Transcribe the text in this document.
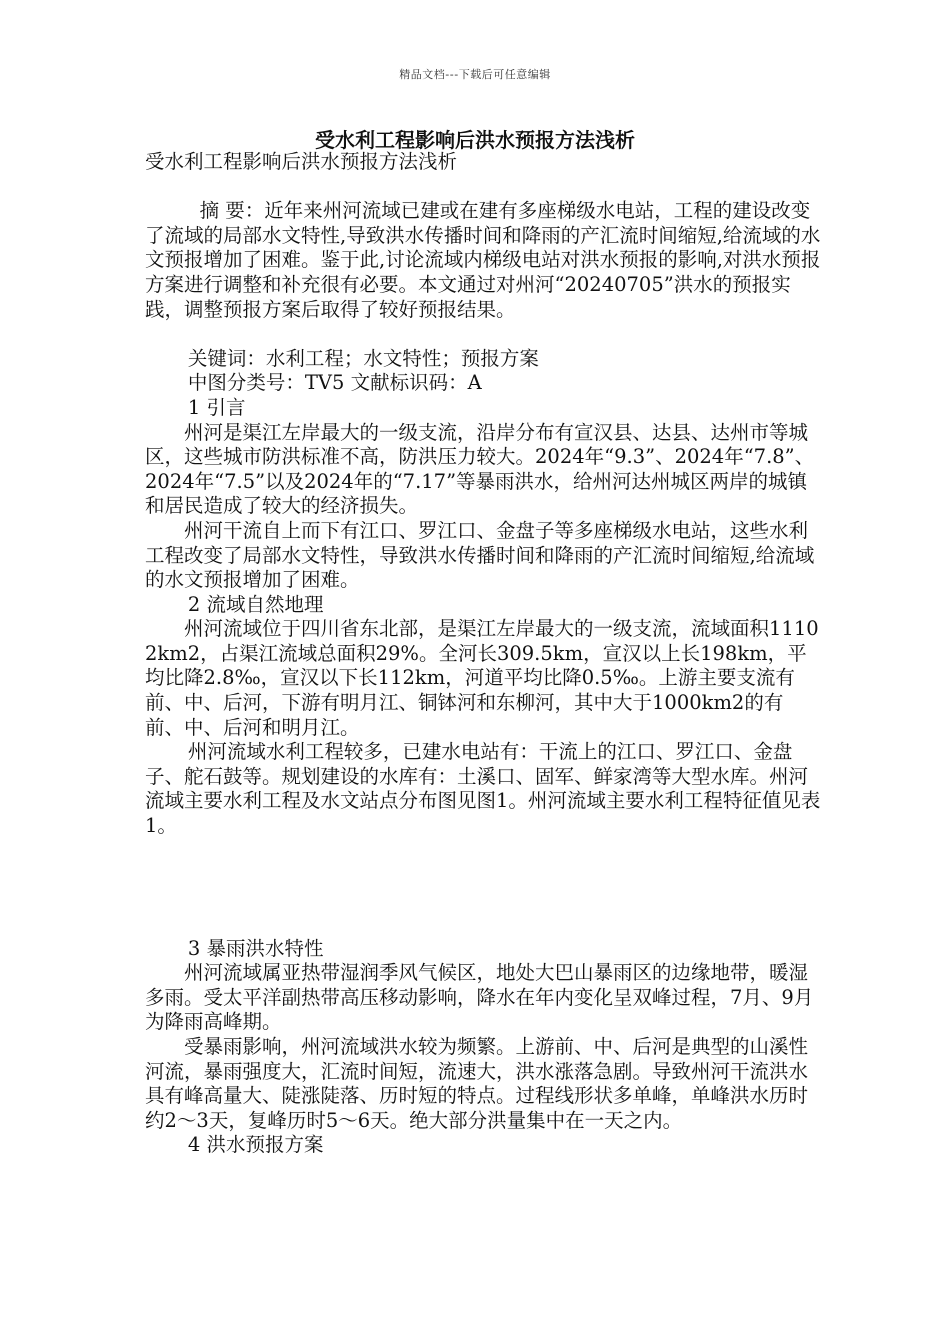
精品文档---下载后可任意编辑
受水利工程影响后洪水预报方法浅析

受水利工程影响后洪水预报方法浅析

摘 要：近年来州河流域已建或在建有多座梯级水电站，工程的建设改变了流域的局部水文特性,导致洪水传播时间和降雨的产汇流时间缩短,给流域的水文预报增加了困难。鉴于此,讨论流域内梯级电站对洪水预报的影响,对洪水预报方案进行调整和补充很有必要。本文通过对州河“20240705”洪水的预报实践，调整预报方案后取得了较好预报结果。

关键词：水利工程；水文特性；预报方案

中图分类号：TV5 文献标识码：A

1 引言

州河是渠江左岸最大的一级支流，沿岸分布有宣汉县、达县、达州市等城区，这些城市防洪标准不高，防洪压力较大。2024年“9.3”、2024年“7.8”、2024年“7.5”以及2024年的“7.17”等暴雨洪水，给州河达州城区两岸的城镇和居民造成了较大的经济损失。

州河干流自上而下有江口、罗江口、金盘子等多座梯级水电站，这些水利工程改变了局部水文特性，导致洪水传播时间和降雨的产汇流时间缩短,给流域的水文预报增加了困难。

2 流域自然地理

州河流域位于四川省东北部，是渠江左岸最大的一级支流，流域面积11102km2，占渠江流域总面积29%。全河长309.5km，宣汉以上长198km，平均比降2.8‰，宣汉以下长112km，河道平均比降0.5‰。上游主要支流有前、中、后河，下游有明月江、铜钵河和东柳河，其中大于1000km2的有前、中、后河和明月江。

州河流域水利工程较多，已建水电站有：干流上的江口、罗江口、金盘子、舵石鼓等。规划建设的水库有：土溪口、固军、鲜家湾等大型水库。州河流域主要水利工程及水文站点分布图见图1。州河流域主要水利工程特征值见表1。

3 暴雨洪水特性

州河流域属亚热带湿润季风气候区，地处大巴山暴雨区的边缘地带，暖湿多雨。受太平洋副热带高压移动影响，降水在年内变化呈双峰过程，7月、9月为降雨高峰期。

受暴雨影响，州河流域洪水较为频繁。上游前、中、后河是典型的山溪性河流，暴雨强度大，汇流时间短，流速大，洪水涨落急剧。导致州河干流洪水具有峰高量大、陡涨陡落、历时短的特点。过程线形状多单峰，单峰洪水历时约2～3天，复峰历时5～6天。绝大部分洪量集中在一天之内。

4 洪水预报方案
